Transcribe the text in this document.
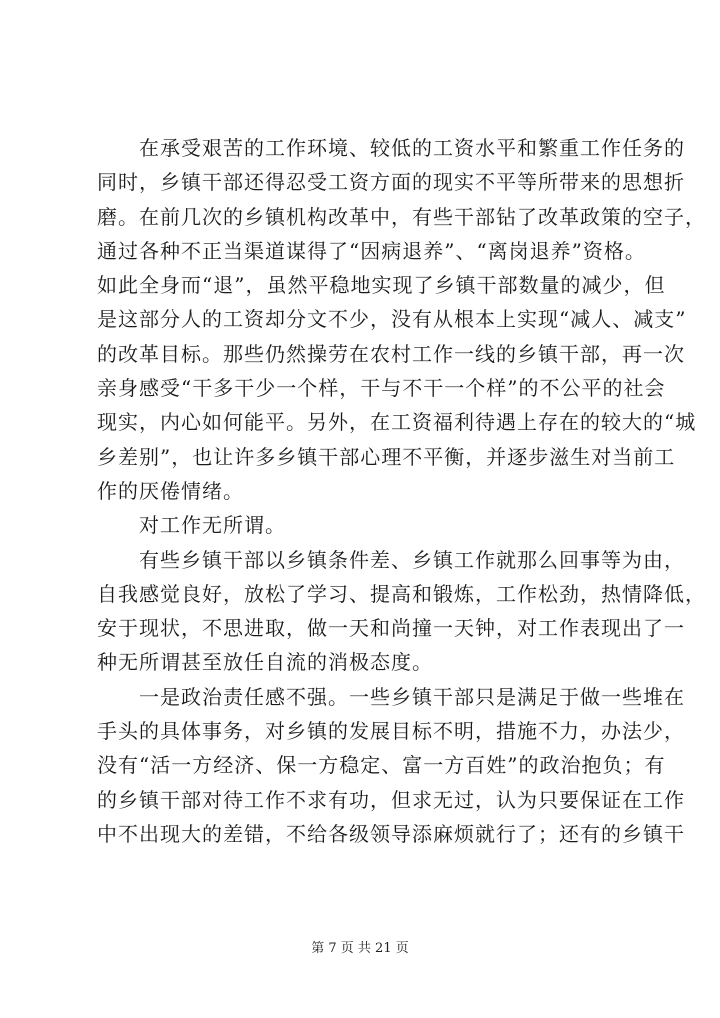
　　在承受艰苦的工作环境、较低的工资水平和繁重工作任务的
同时，乡镇干部还得忍受工资方面的现实不平等所带来的思想折
磨。在前几次的乡镇机构改革中，有些干部钻了改革政策的空子，
通过各种不正当渠道谋得了“因病退养”、“离岗退养”资格。
如此全身而“退”，虽然平稳地实现了乡镇干部数量的减少，但
是这部分人的工资却分文不少，没有从根本上实现“减人、减支”
的改革目标。那些仍然操劳在农村工作一线的乡镇干部，再一次
亲身感受“干多干少一个样，干与不干一个样”的不公平的社会
现实，内心如何能平。另外，在工资福利待遇上存在的较大的“城
乡差别”，也让许多乡镇干部心理不平衡，并逐步滋生对当前工
作的厌倦情绪。

　　对工作无所谓。

　　有些乡镇干部以乡镇条件差、乡镇工作就那么回事等为由，
自我感觉良好，放松了学习、提高和锻炼，工作松劲，热情降低，
安于现状，不思进取，做一天和尚撞一天钟，对工作表现出了一
种无所谓甚至放任自流的消极态度。

　　一是政治责任感不强。一些乡镇干部只是满足于做一些堆在
手头的具体事务，对乡镇的发展目标不明，措施不力，办法少，
没有“活一方经济、保一方稳定、富一方百姓”的政治抱负；有
的乡镇干部对待工作不求有功，但求无过，认为只要保证在工作
中不出现大的差错，不给各级领导添麻烦就行了；还有的乡镇干

第 7 页 共 21 页
